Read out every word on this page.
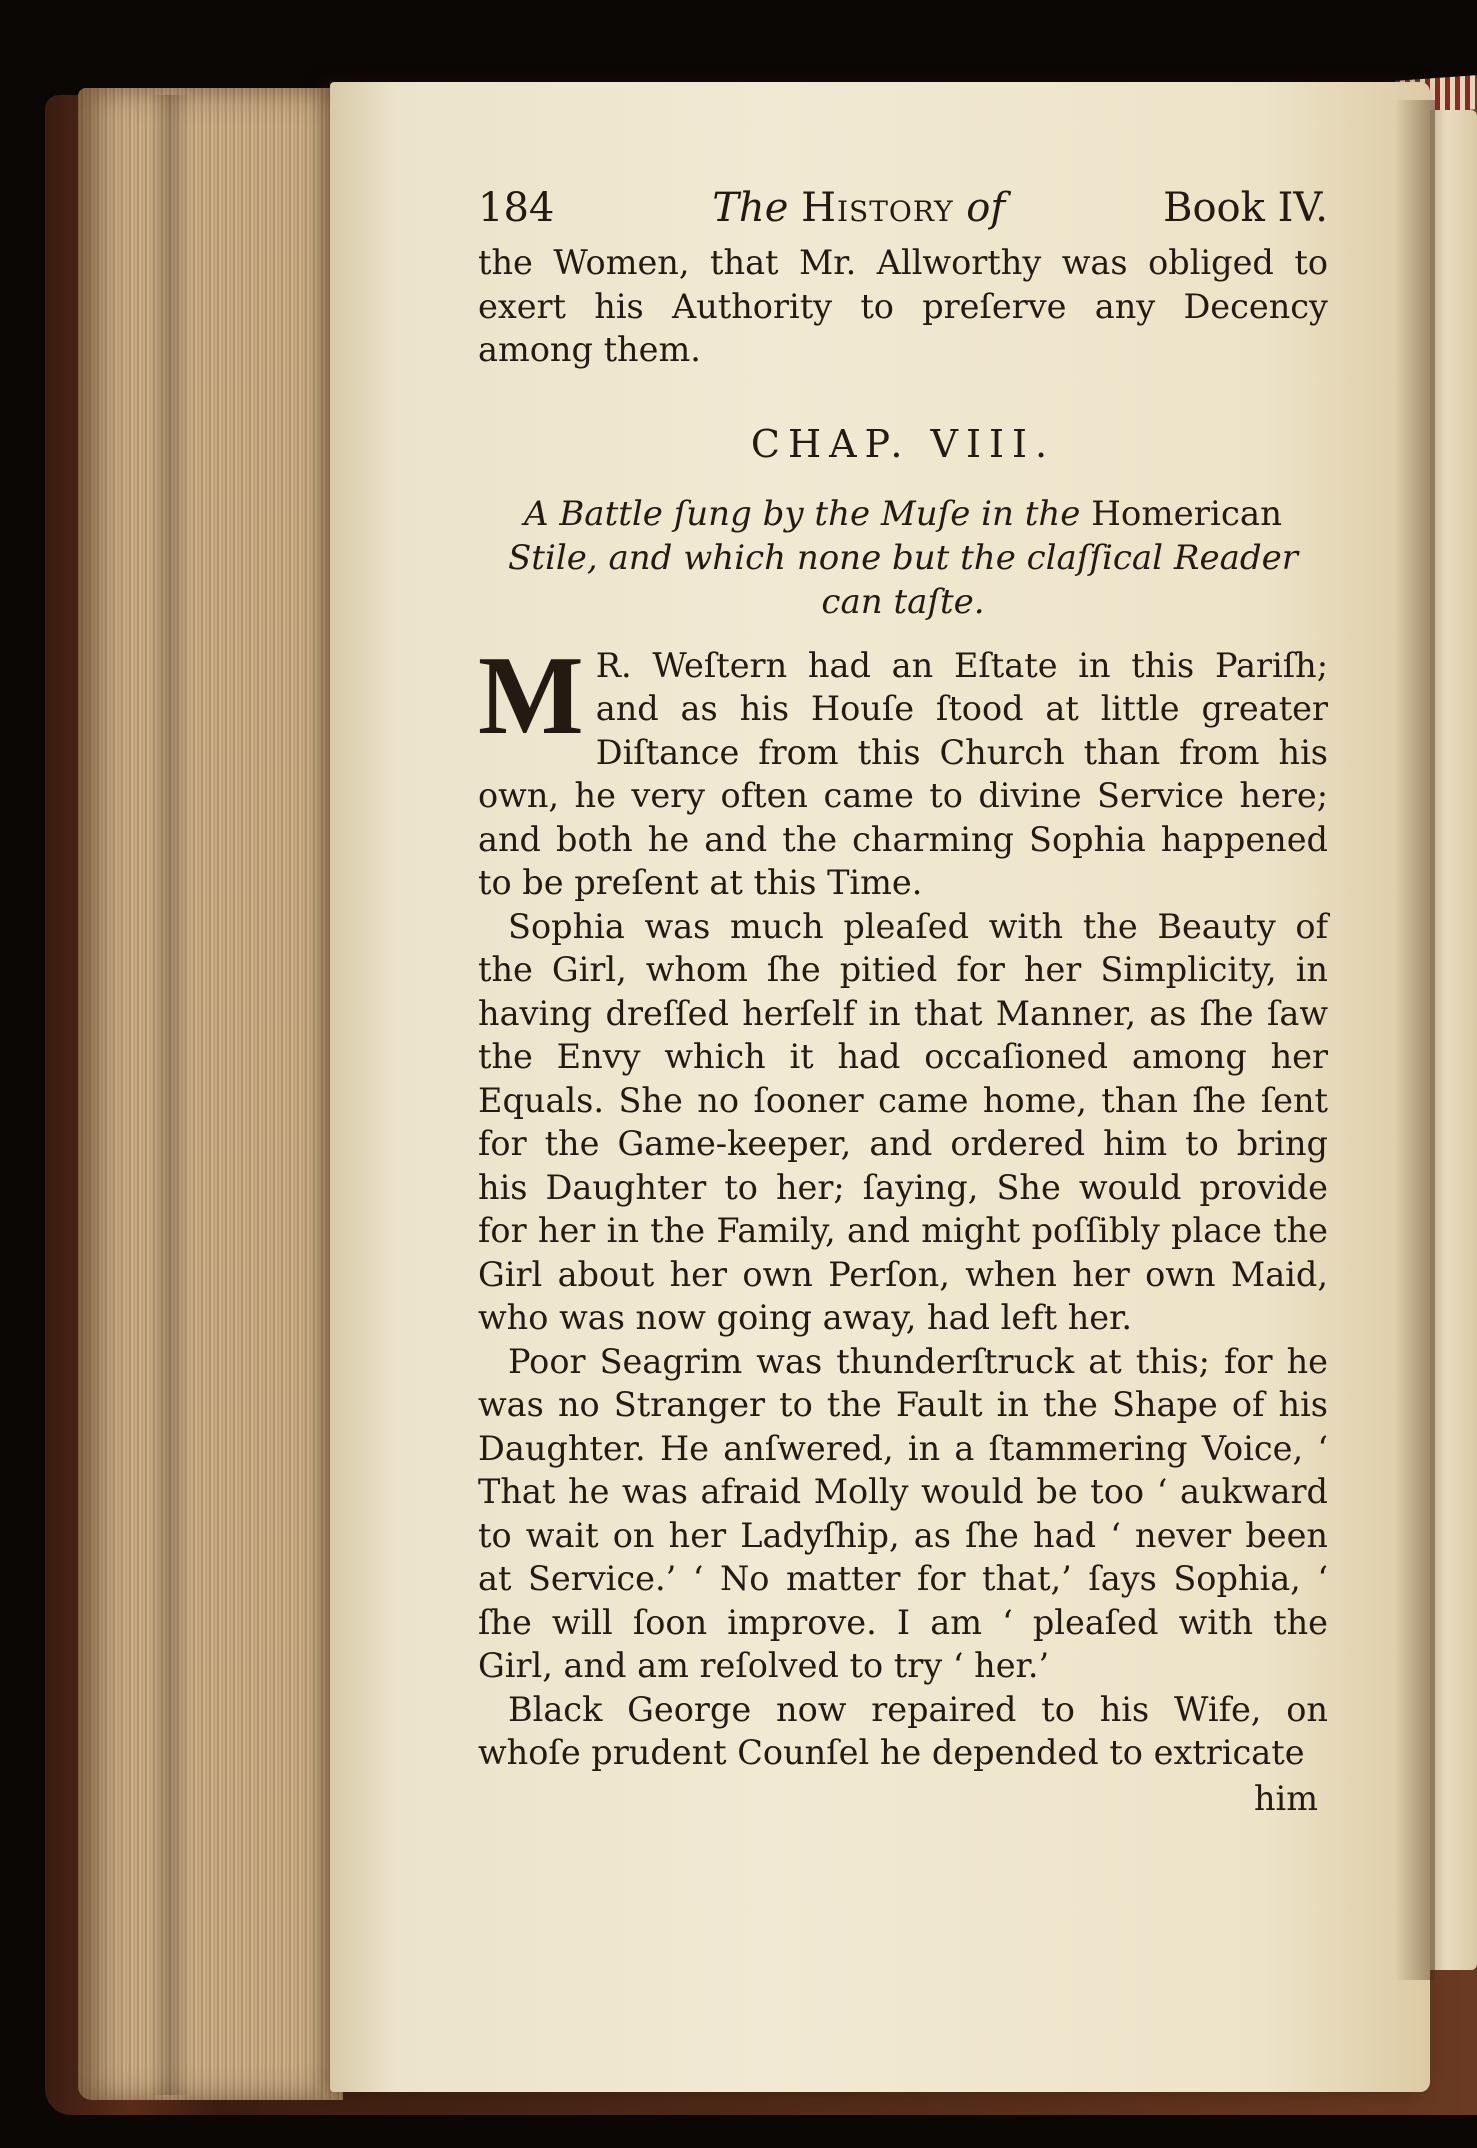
184	The History of	Book IV.

the Women, that Mr. Allworthy was obliged to exert his Authority to preſerve any Decency among them.

CHAP. VIII.
A Battle ſung by the Muſe in the Homerican Stile, and which none but the claſſical Reader can taſte.

M R. Weſtern had an Eſtate in this Pariſh; and as his Houſe ſtood at little greater Diſtance from this Church than from his own, he very often came to divine Service here; and both he and the charming Sophia happened to be preſent at this Time.

Sophia was much pleaſed with the Beauty of the Girl, whom ſhe pitied for her Simplicity, in having dreſſed herſelf in that Manner, as ſhe ſaw the Envy which it had occaſioned among her Equals. She no ſooner came home, than ſhe ſent for the Game-keeper, and ordered him to bring his Daughter to her; ſaying, She would provide for her in the Family, and might poſſibly place the Girl about her own Perſon, when her own Maid, who was now going away, had left her.

Poor Seagrim was thunderſtruck at this; for he was no Stranger to the Fault in the Shape of his Daughter. He anſwered, in a ſtammering Voice, ‘ That he was afraid Molly would be too ‘ aukward to wait on her Ladyſhip, as ſhe had ‘ never been at Service.’ ‘ No matter for that,’ ſays Sophia, ‘ ſhe will ſoon improve. I am ‘ pleaſed with the Girl, and am reſolved to try ‘ her.’

Black George now repaired to his Wife, on whoſe prudent Counſel he depended to extricate

him
